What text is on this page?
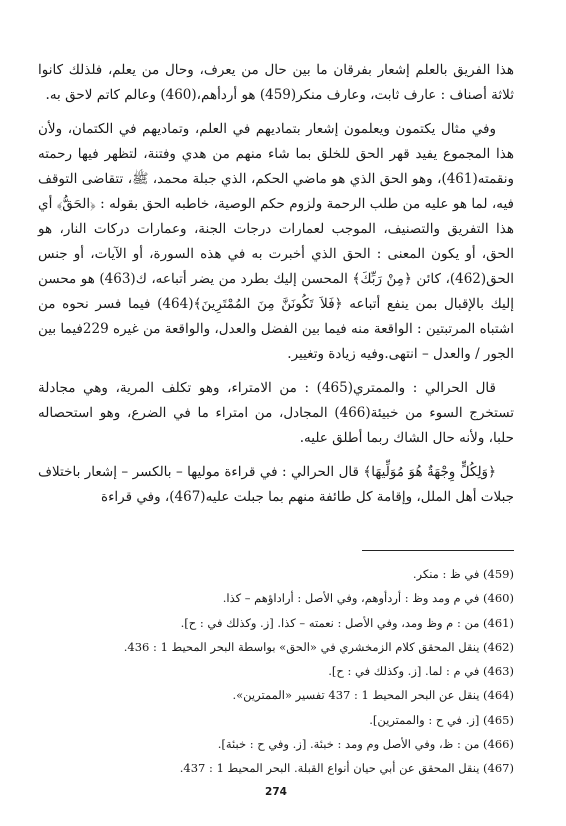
هذا الفريق بالعلم إشعار بفرقان ما بين حال من يعرف، وحال من يعلم، فلذلك كانوا ثلاثة أصناف : عارف ثابت، وعارف منكر(459) هو أردأهم،(460) وعالم كاتم لاحق به.

وفي مثال يكتمون ويعلمون إشعار بتماديهم في العلم، وتماديهم في الكتمان، ولأن هذا المجموع يفيد قهر الحق للخلق بما شاء منهم من هدي وفتنة، لتظهر فيها رحمته ونقمته(461)، وهو الحق الذي هو ماضي الحكم، الذي جبلة محمد، ﷺ، تتقاضى التوقف فيه، لما هو عليه من طلب الرحمة ولزوم حكم الوصية، خاطبه الحق بقوله : ﴿الحَقُّ﴾ أي هذا التفريق والتصنيف، الموجب لعمارات درجات الجنة، وعمارات دركات النار، هو الحق، أو يكون المعنى : الحق الذي أخبرت به في هذه السورة، أو الآيات، أو جنس الحق(462)، كائن ﴿مِنْ رَبِّكَ﴾ المحسن إليك بطرد من يضر أتباعه، ك(463) هو محسن إليك بالإقبال بمن ينفع أتباعه ﴿فَلاَ تَكُونَنَّ مِنَ المُمْتَرِينَ﴾(464) فيما فسر نحوه من اشتباه المرتبتين : الواقعة منه فيما بين الفضل والعدل، والواقعة من غيره 229فيما بين الجور / والعدل – انتهى.وفيه زيادة وتغيير.

قال الحرالي : والممتري(465) : من الامتراء، وهو تكلف المرية، وهي مجادلة تستخرج السوء من خبيئة(466) المجادل، من امتراء ما في الضرع، وهو استحصاله حلبا، ولأنه حال الشاك ربما أطلق عليه.

﴿وَلِكُلٍّ وِجْهَةٌ هُوَ مُوَلِّيهَا﴾ قال الحرالي : في قراءة موليها – بالكسر – إشعار باختلاف جبلات أهل الملل، وإقامة كل طائفة منهم بما جبلت عليه(467)، وفي قراءة

(459) في ظ : منكر.

(460) في م ومد وظ : أردأوهم، وفي الأصل : أراداؤهم – كذا.

(461) من : م وظ ومد، وفي الأصل : نعمته – كذا. [ز. وكذلك في : ح].

(462) ينقل المحقق كلام الزمخشري في «الحق» بواسطة البحر المحيط 1 : 436.

(463) في م : لما. [ز. وكذلك في : ح].

(464) ينقل عن البحر المحيط 1 : 437 تفسير «الممترين».

(465) [ز. في ح : والممترين].

(466) من : ظ، وفي الأصل وم ومد : خبئة. [ز. وفي ح : خبئة].

(467) ينقل المحقق عن أبي حيان أنواع القبلة. البحر المحيط 1 : 437.

274
